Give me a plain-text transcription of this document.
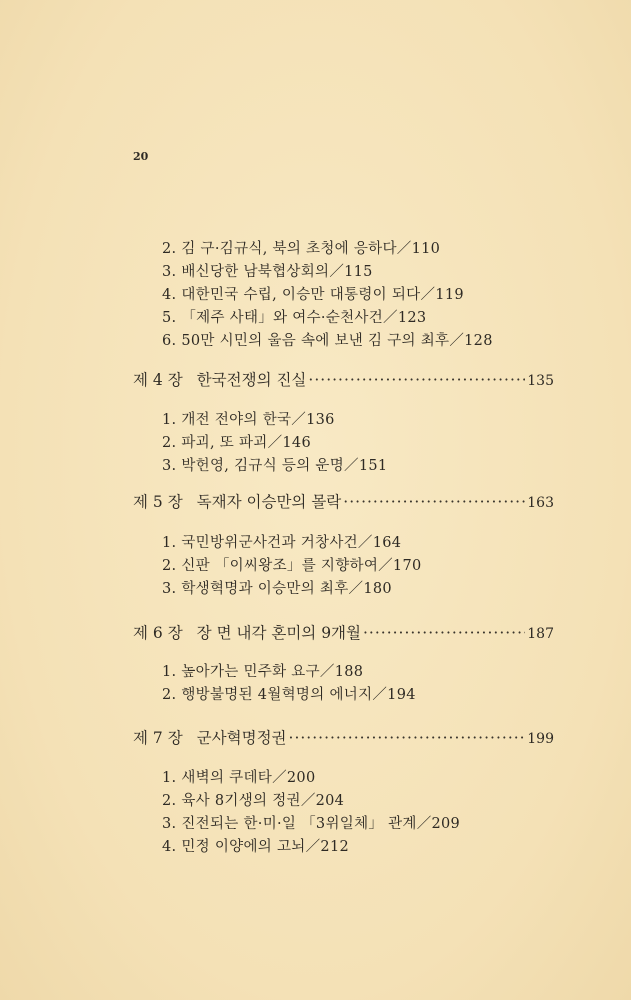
20
2. 김 구·김규식, 북의 초청에 응하다／110
3. 배신당한 남북협상회의／115
4. 대한민국 수립, 이승만 대통령이 되다／119
5. 「제주 사태」와 여수·순천사건／123
6. 50만 시민의 울음 속에 보낸 김 구의 최후／128
제 4 장 한국전쟁의 진실 ·····	135
1. 개전 전야의 한국／136
2. 파괴, 또 파괴／146
3. 박헌영, 김규식 등의 운명／151
제 5 장 독재자 이승만의 몰락 ·····	163
1. 국민방위군사건과 거창사건／164
2. 신판 「이씨왕조」를 지향하여／170
3. 학생혁명과 이승만의 최후／180
제 6 장 장 면 내각 혼미의 9개월 ·····	187
1. 높아가는 민주화 요구／188
2. 행방불명된 4월혁명의 에너지／194
제 7 장 군사혁명정권 ·····	199
1. 새벽의 쿠데타／200
2. 육사 8기생의 정권／204
3. 진전되는 한·미·일 「3위일체」 관계／209
4. 민정 이양에의 고뇌／212
